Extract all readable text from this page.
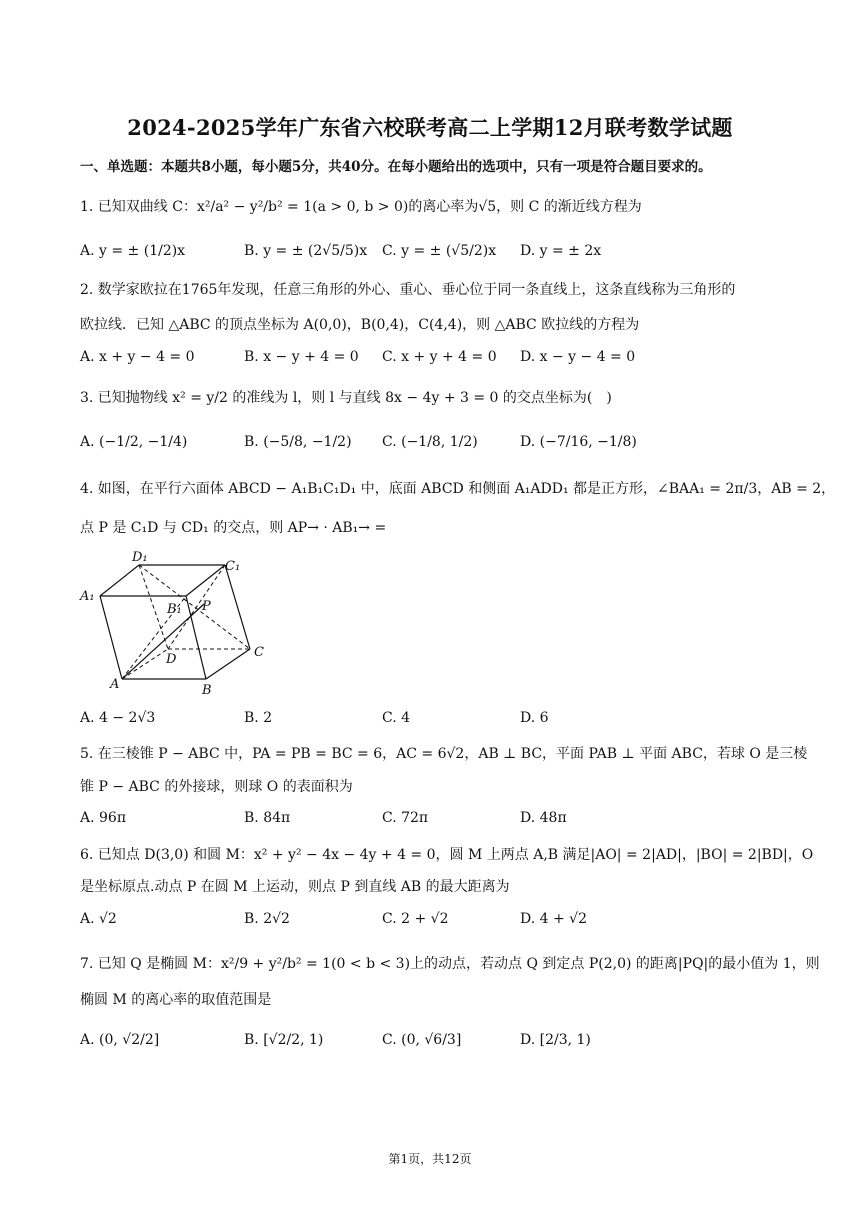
2024-2025学年广东省六校联考高二上学期12月联考数学试题
一、单选题：本题共8小题，每小题5分，共40分。在每小题给出的选项中，只有一项是符合题目要求的。
1. 已知双曲线 C：x²/a² − y²/b² = 1(a > 0, b > 0)的离心率为√5，则 C 的渐近线方程为
A. y = ± (1/2)x	B. y = ± (2√5/5)x C. y = ± (√5/2)x D. y = ± 2x
2. 数学家欧拉在1765年发现，任意三角形的外心、重心、垂心位于同一条直线上，这条直线称为三角形的
欧拉线．已知 △ABC 的顶点坐标为 A(0,0)，B(0,4)，C(4,4)，则 △ABC 欧拉线的方程为
A. x + y − 4 = 0	B. x − y + 4 = 0 C. x + y + 4 = 0 D. x − y − 4 = 0
3. 已知抛物线 x² = y/2 的准线为 l，则 l 与直线 8x − 4y + 3 = 0 的交点坐标为(　)
A. (−1/2, −1/4)	B. (−5/8, −1/2) C. (−1/8, 1/2)	D. (−7/16, −1/8)
4. 如图，在平行六面体 ABCD − A₁B₁C₁D₁ 中，底面 ABCD 和侧面 A₁ADD₁ 都是正方形，∠BAA₁ = 2π/3，AB = 2，
点 P 是 C₁D 与 CD₁ 的交点，则 AP→ · AB₁→ =
A₁
D₁
C₁
B₁ P
D	C
A	B
A. 4 − 2√3	B. 2	C. 4	D. 6
5. 在三棱锥 P − ABC 中，PA = PB = BC = 6，AC = 6√2，AB ⊥ BC，平面 PAB ⊥ 平面 ABC，若球 O 是三棱
锥 P − ABC 的外接球，则球 O 的表面积为
A. 96π	B. 84π	C. 72π	D. 48π
6. 已知点 D(3,0) 和圆 M：x² + y² − 4x − 4y + 4 = 0，圆 M 上两点 A,B 满足|AO| = 2|AD|，|BO| = 2|BD|，O
是坐标原点.动点 P 在圆 M 上运动，则点 P 到直线 AB 的最大距离为
A. √2	B. 2√2	C. 2 + √2	D. 4 + √2
7. 已知 Q 是椭圆 M：x²/9 + y²/b² = 1(0 < b < 3)上的动点，若动点 Q 到定点 P(2,0) 的距离|PQ|的最小值为 1，则
椭圆 M 的离心率的取值范围是
A. (0, √2/2]	B. [√2/2, 1)	C. (0, √6/3]	D. [2/3, 1)
第1页，共12页
